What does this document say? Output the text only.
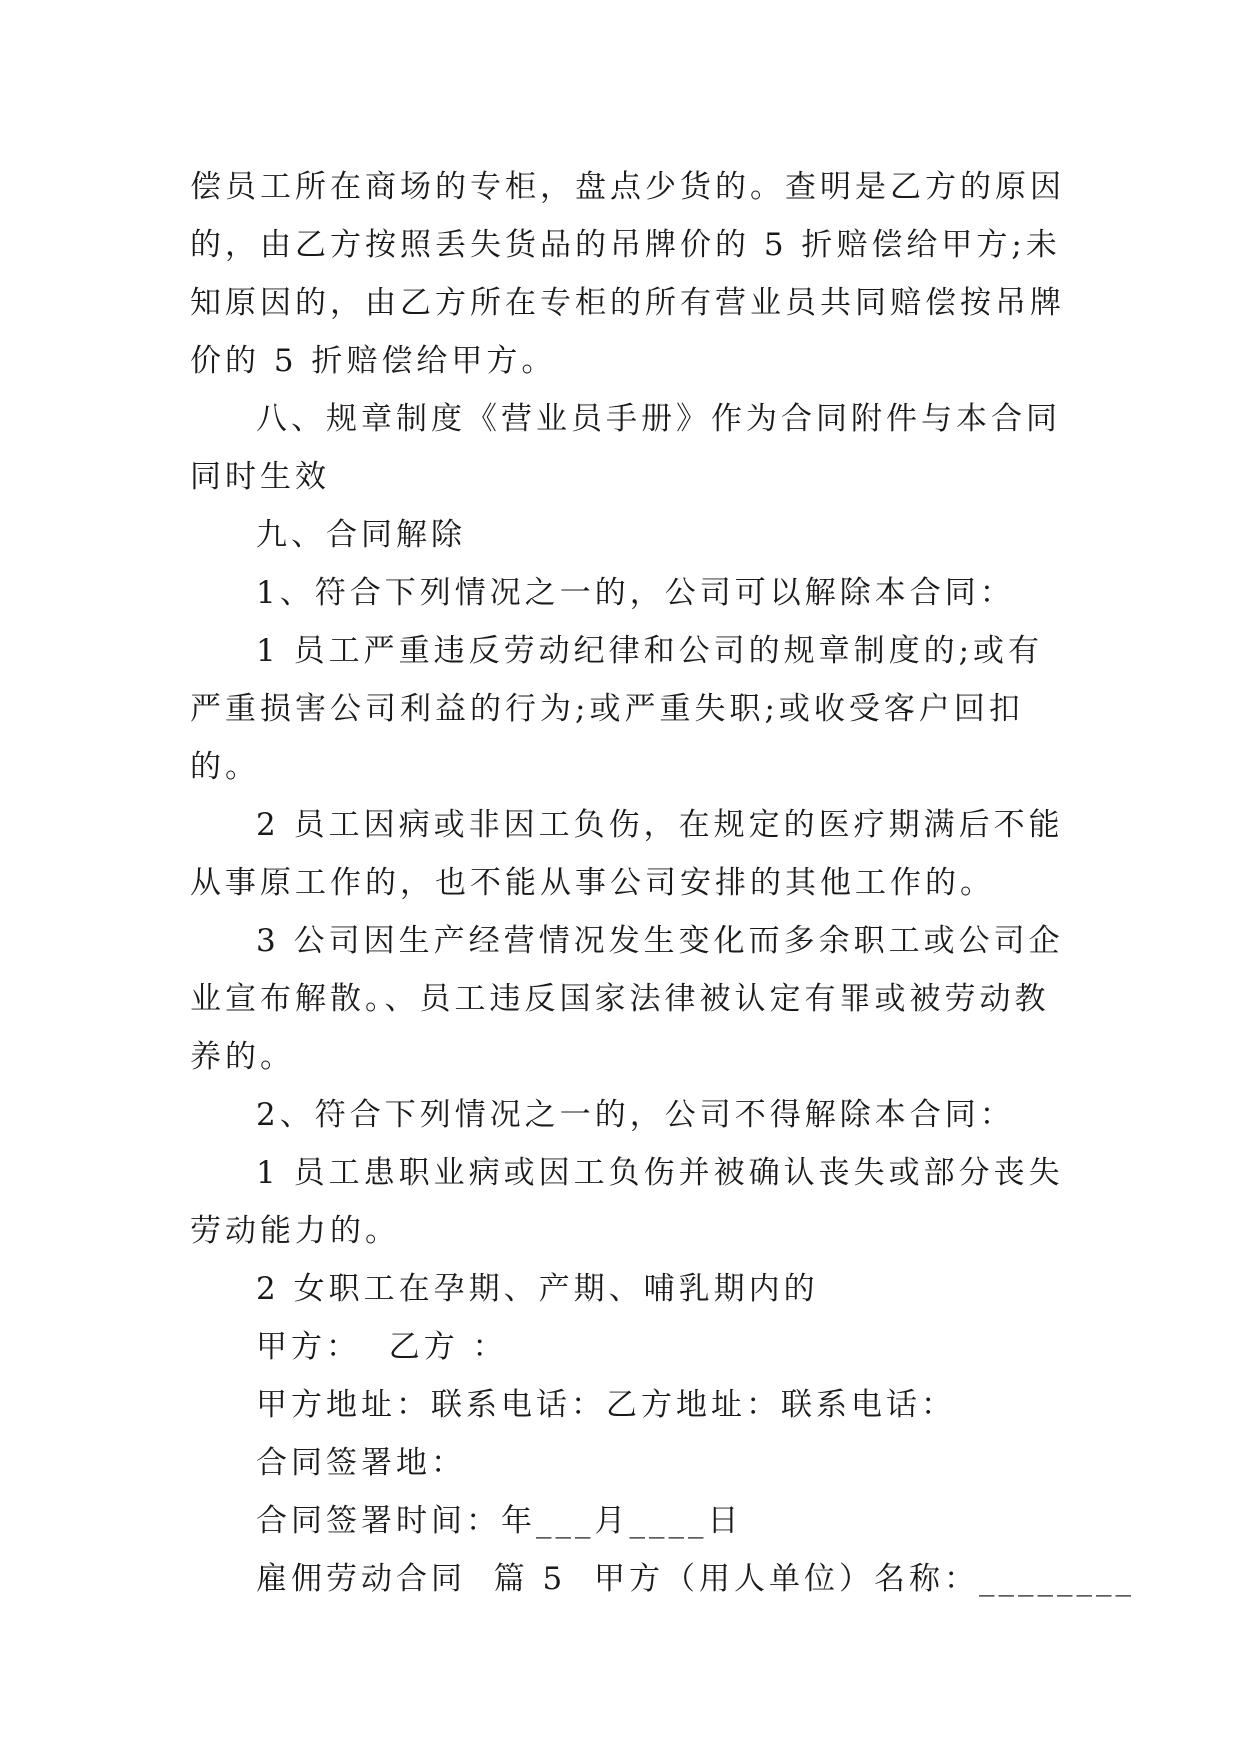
偿员工所在商场的专柜，盘点少货的。查明是乙方的原因的，由乙方按照丢失货品的吊牌价的 5 折赔偿给甲方;未知原因的，由乙方所在专柜的所有营业员共同赔偿按吊牌价的 5 折赔偿给甲方。

八、规章制度《营业员手册》作为合同附件与本合同同时生效

九、合同解除

1、符合下列情况之一的，公司可以解除本合同：

1 员工严重违反劳动纪律和公司的规章制度的;或有严重损害公司利益的行为;或严重失职;或收受客户回扣的。

2 员工因病或非因工负伤，在规定的医疗期满后不能从事原工作的，也不能从事公司安排的其他工作的。

3 公司因生产经营情况发生变化而多余职工或公司企业宣布解散。、员工违反国家法律被认定有罪或被劳动教养的。

2、符合下列情况之一的，公司不得解除本合同：

1 员工患职业病或因工负伤并被确认丧失或部分丧失劳动能力的。

2 女职工在孕期、产期、哺乳期内的

甲方：  乙方 ：

甲方地址：联系电话：乙方地址：联系电话：

合同签署地：

合同签署时间：年___月____日

雇佣劳动合同  篇 5  甲方（用人单位）名称：________
